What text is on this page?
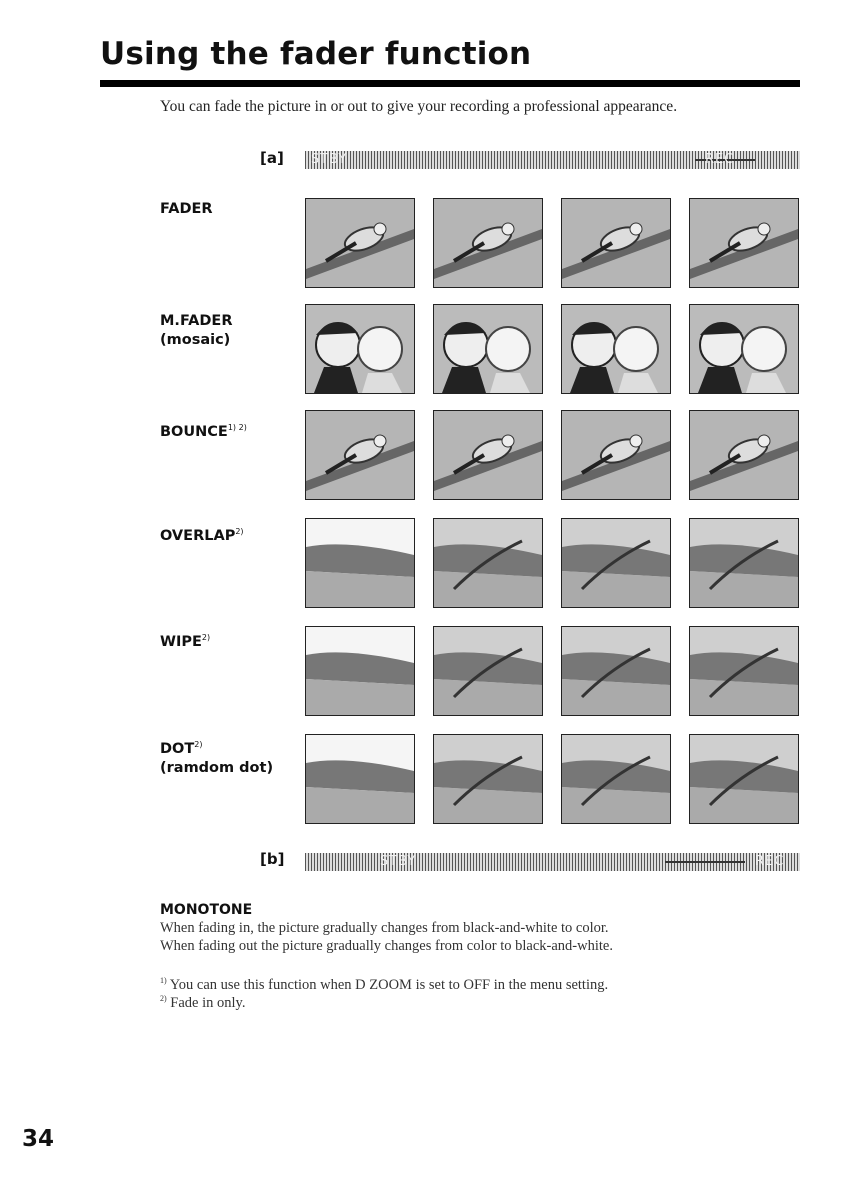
Using the fader function
You can fade the picture in or out to give your recording a professional appearance.
[a] STBY	REC
FADER
M.FADER
(mosaic)
$BOUNCE^{1) 2)}$
OVERLAP$^{2)}$
WIPE$^{2)}$
DOT$^{2)}$
(ramdom dot)
[b]	STBY	REC
MONOTONE
When fading in, the picture gradually changes from black-and-white to color.
When fading out the picture gradually changes from color to black-and-white.
$^{1)}$ You can use this function when D ZOOM is set to OFF in the menu setting.
$^{2)}$ Fade in only.
34
